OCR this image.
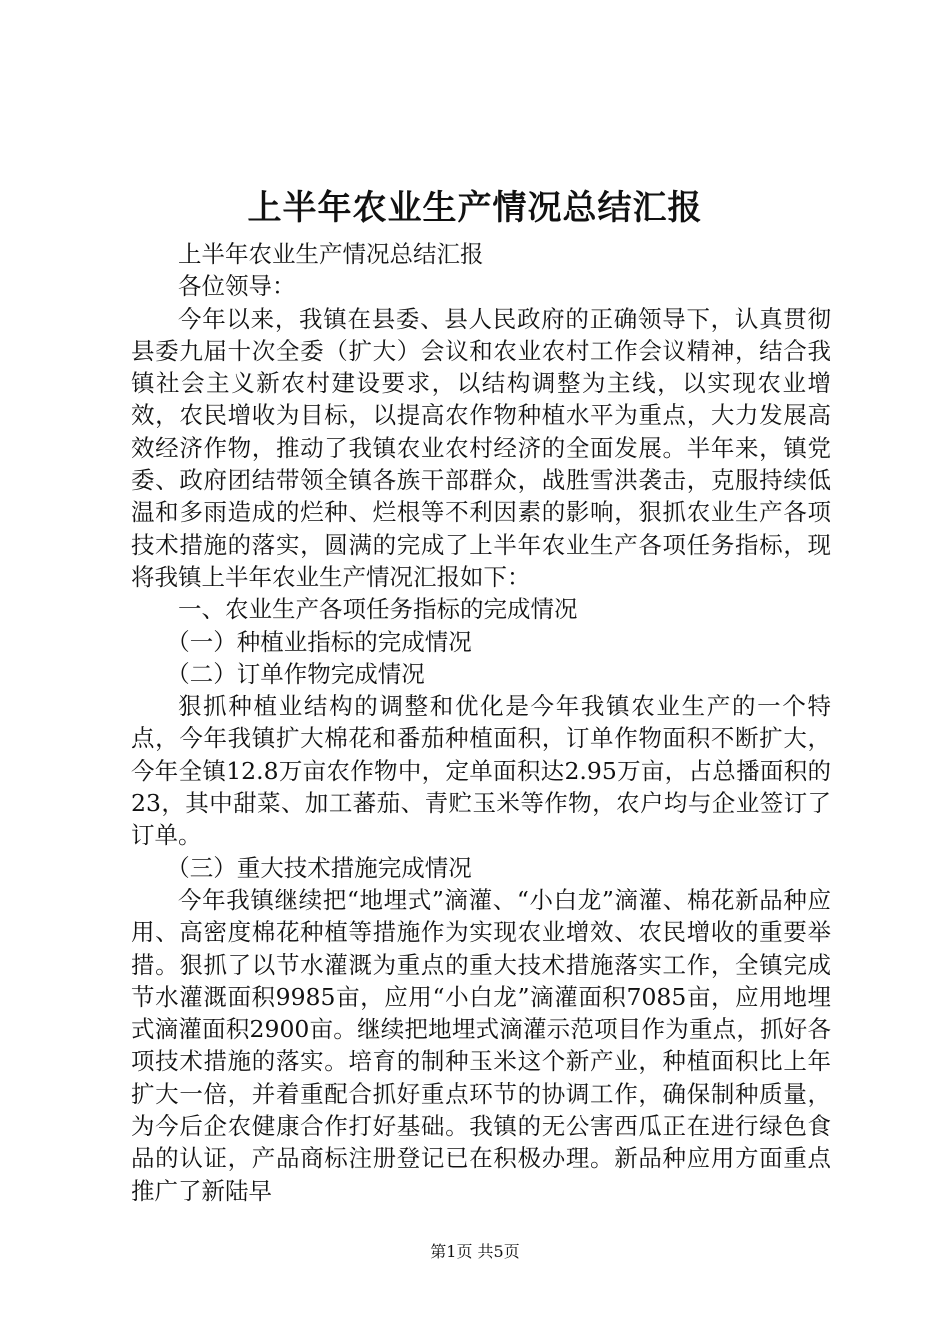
上半年农业生产情况总结汇报

上半年农业生产情况总结汇报

各位领导：

今年以来，我镇在县委、县人民政府的正确领导下，认真贯彻县委九届十次全委（扩大）会议和农业农村工作会议精神，结合我镇社会主义新农村建设要求，以结构调整为主线，以实现农业增效，农民增收为目标，以提高农作物种植水平为重点，大力发展高效经济作物，推动了我镇农业农村经济的全面发展。半年来，镇党委、政府团结带领全镇各族干部群众，战胜雪洪袭击，克服持续低温和多雨造成的烂种、烂根等不利因素的影响，狠抓农业生产各项技术措施的落实，圆满的完成了上半年农业生产各项任务指标，现将我镇上半年农业生产情况汇报如下：

一、农业生产各项任务指标的完成情况

（一）种植业指标的完成情况

（二）订单作物完成情况

狠抓种植业结构的调整和优化是今年我镇农业生产的一个特点，今年我镇扩大棉花和番茄种植面积，订单作物面积不断扩大，今年全镇12.8万亩农作物中，定单面积达2.95万亩，占总播面积的23，其中甜菜、加工蕃茄、青贮玉米等作物，农户均与企业签订了订单。

（三）重大技术措施完成情况

今年我镇继续把“地埋式”滴灌、“小白龙”滴灌、棉花新品种应用、高密度棉花种植等措施作为实现农业增效、农民增收的重要举措。狠抓了以节水灌溉为重点的重大技术措施落实工作，全镇完成节水灌溉面积9985亩，应用“小白龙”滴灌面积7085亩，应用地埋式滴灌面积2900亩。继续把地埋式滴灌示范项目作为重点，抓好各项技术措施的落实。培育的制种玉米这个新产业，种植面积比上年扩大一倍，并着重配合抓好重点环节的协调工作，确保制种质量，为今后企农健康合作打好基础。我镇的无公害西瓜正在进行绿色食品的认证，产品商标注册登记已在积极办理。新品种应用方面重点推广了新陆早

第1页 共5页
